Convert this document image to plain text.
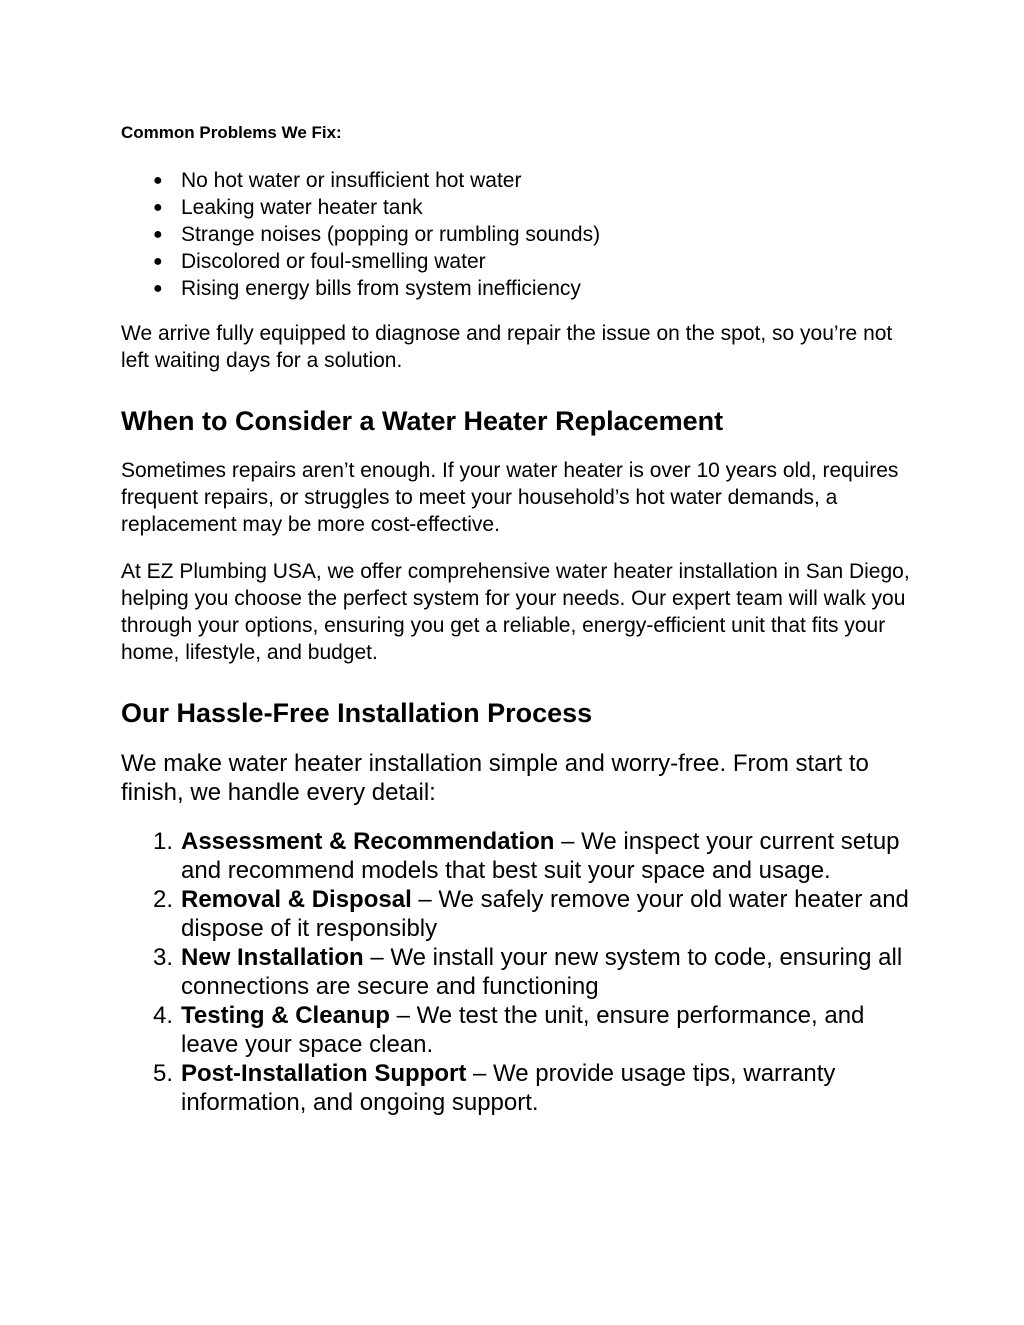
Common Problems We Fix:
● No hot water or insufficient hot water
● Leaking water heater tank
● Strange noises (popping or rumbling sounds)
● Discolored or foul-smelling water
● Rising energy bills from system inefficiency

We arrive fully equipped to diagnose and repair the issue on the spot, so you’re not left waiting days for a solution.

When to Consider a Water Heater Replacement

Sometimes repairs aren’t enough. If your water heater is over 10 years old, requires frequent repairs, or struggles to meet your household’s hot water demands, a replacement may be more cost-effective.

At EZ Plumbing USA, we offer comprehensive water heater installation in San Diego, helping you choose the perfect system for your needs. Our expert team will walk you through your options, ensuring you get a reliable, energy-efficient unit that fits your home, lifestyle, and budget.

Our Hassle-Free Installation Process

We make water heater installation simple and worry-free. From start to finish, we handle every detail:

1. Assessment & Recommendation – We inspect your current setup and recommend models that best suit your space and usage.
2. Removal & Disposal – We safely remove your old water heater and dispose of it responsibly
3. New Installation – We install your new system to code, ensuring all connections are secure and functioning
4. Testing & Cleanup – We test the unit, ensure performance, and leave your space clean.
5. Post-Installation Support – We provide usage tips, warranty information, and ongoing support.
